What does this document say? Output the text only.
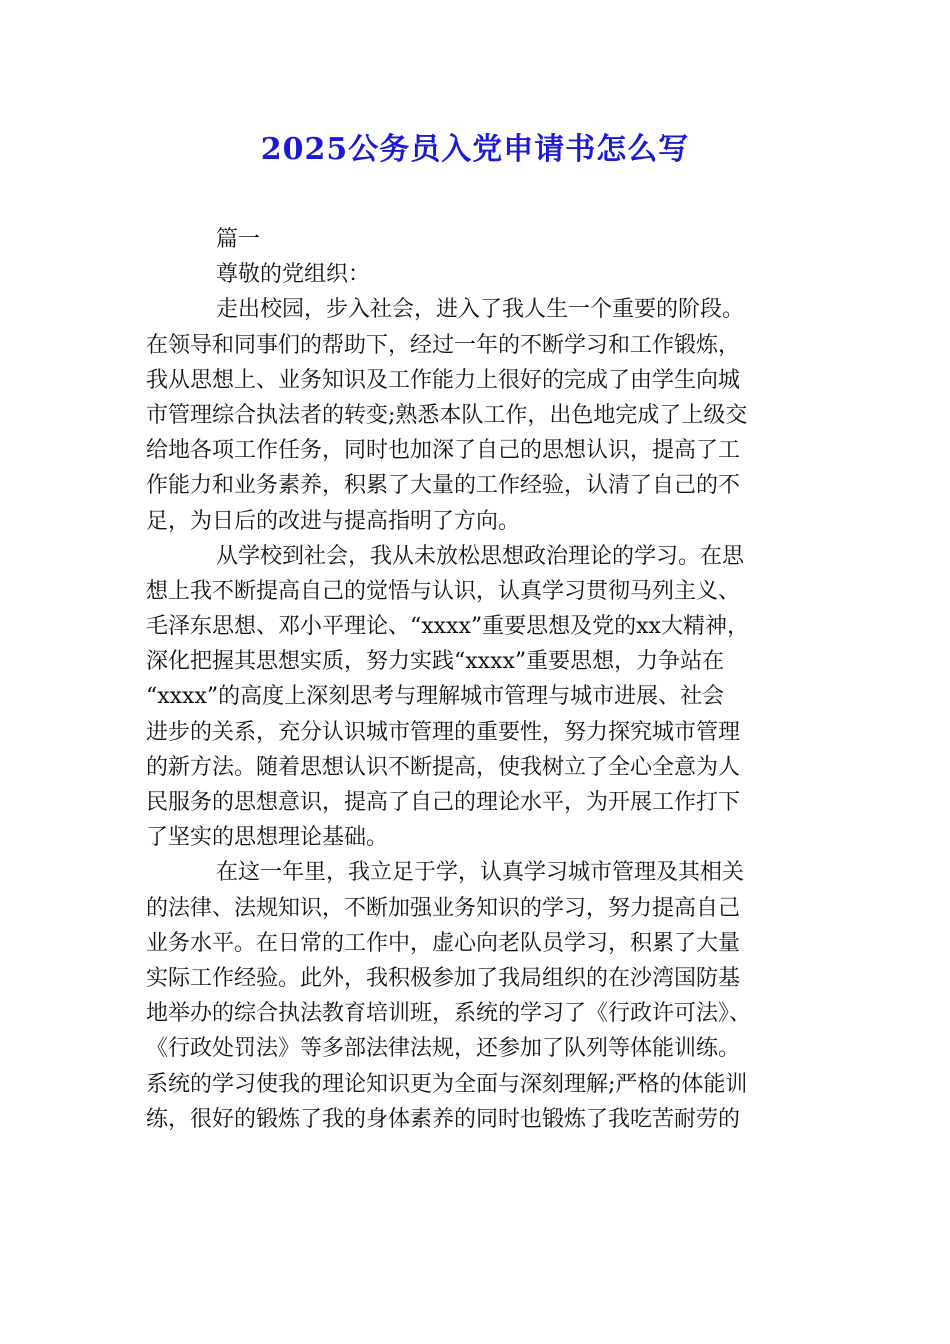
2025公务员入党申请书怎么写
篇一
尊敬的党组织：
走出校园，步入社会，进入了我人生一个重要的阶段。
在领导和同事们的帮助下，经过一年的不断学习和工作锻炼，
我从思想上、业务知识及工作能力上很好的完成了由学生向城
市管理综合执法者的转变;熟悉本队工作，出色地完成了上级交
给地各项工作任务，同时也加深了自己的思想认识，提高了工
作能力和业务素养，积累了大量的工作经验，认清了自己的不
足，为日后的改进与提高指明了方向。
从学校到社会，我从未放松思想政治理论的学习。在思
想上我不断提高自己的觉悟与认识，认真学习贯彻马列主义、
毛泽东思想、邓小平理论、“xxxx”重要思想及党的xx大精神，
深化把握其思想实质，努力实践“xxxx”重要思想，力争站在
“xxxx”的高度上深刻思考与理解城市管理与城市进展、社会
进步的关系，充分认识城市管理的重要性，努力探究城市管理
的新方法。随着思想认识不断提高，使我树立了全心全意为人
民服务的思想意识，提高了自己的理论水平，为开展工作打下
了坚实的思想理论基础。
在这一年里，我立足于学，认真学习城市管理及其相关
的法律、法规知识，不断加强业务知识的学习，努力提高自己
业务水平。在日常的工作中，虚心向老队员学习，积累了大量
实际工作经验。此外，我积极参加了我局组织的在沙湾国防基
地举办的综合执法教育培训班，系统的学习了《行政许可法》、
《行政处罚法》等多部法律法规，还参加了队列等体能训练。
系统的学习使我的理论知识更为全面与深刻理解;严格的体能训
练，很好的锻炼了我的身体素养的同时也锻炼了我吃苦耐劳的
